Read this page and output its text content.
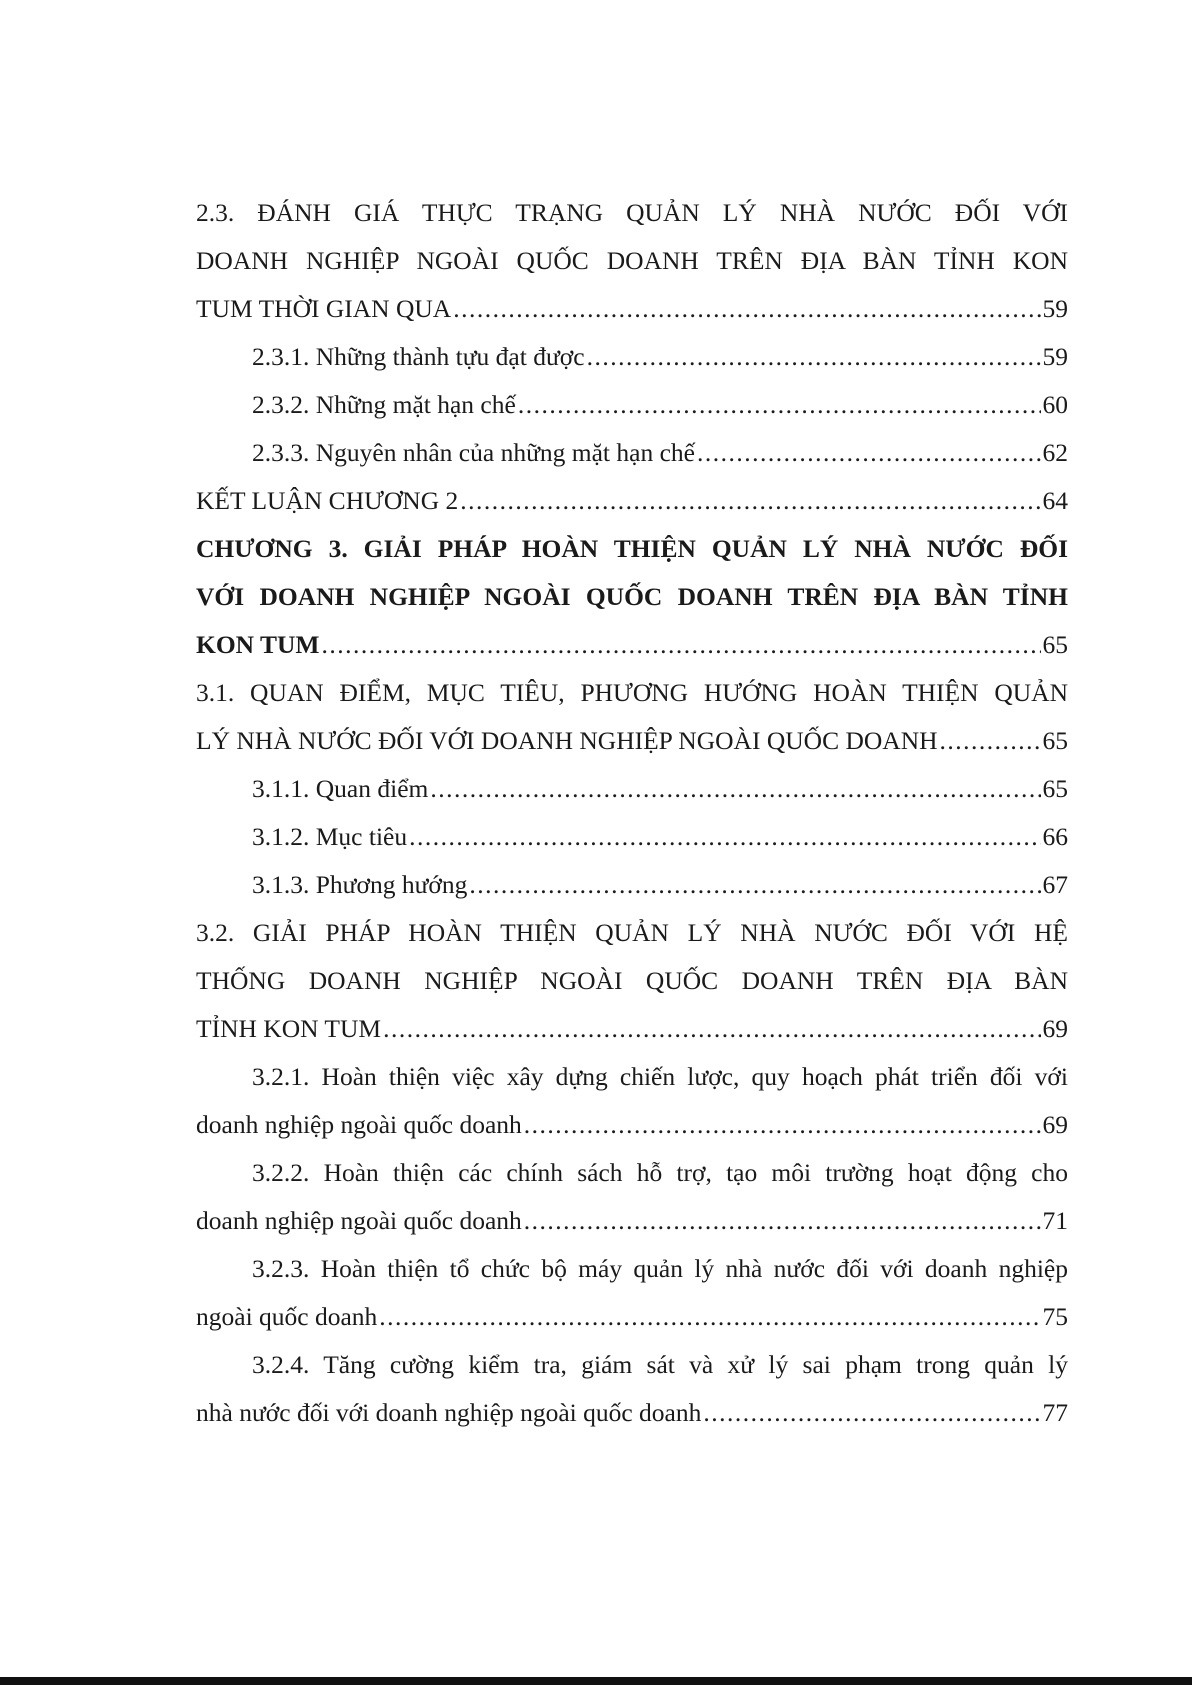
2.3. ĐÁNH GIÁ THỰC TRẠNG QUẢN LÝ NHÀ NƯỚC ĐỐI VỚI
DOANH NGHIỆP NGOÀI QUỐC DOANH TRÊN ĐỊA BÀN TỈNH KON
TUM THỜI GIAN QUA .....	59
2.3.1. Những thành tựu đạt được .....	59
2.3.2. Những mặt hạn chế .....	60
2.3.3. Nguyên nhân của những mặt hạn chế .....	62
KẾT LUẬN CHƯƠNG 2 .....	64
CHƯƠNG 3. GIẢI PHÁP HOÀN THIỆN QUẢN LÝ NHÀ NƯỚC ĐỐI
VỚI DOANH NGHIỆP NGOÀI QUỐC DOANH TRÊN ĐỊA BÀN TỈNH
KON TUM .....	65
3.1. QUAN ĐIỂM, MỤC TIÊU, PHƯƠNG HƯỚNG HOÀN THIỆN QUẢN
LÝ NHÀ NƯỚC ĐỐI VỚI DOANH NGHIỆP NGOÀI QUỐC DOANH .....	65
3.1.1. Quan điểm .....	65
3.1.2. Mục tiêu .....	66
3.1.3. Phương hướng .....	67
3.2. GIẢI PHÁP HOÀN THIỆN QUẢN LÝ NHÀ NƯỚC ĐỐI VỚI HỆ
THỐNG DOANH NGHIỆP NGOÀI QUỐC DOANH TRÊN ĐỊA BÀN
TỈNH KON TUM .....	69
3.2.1. Hoàn thiện việc xây dựng chiến lược, quy hoạch phát triển đối với
doanh nghiệp ngoài quốc doanh .....	69
3.2.2. Hoàn thiện các chính sách hỗ trợ, tạo môi trường hoạt động cho
doanh nghiệp ngoài quốc doanh .....	71
3.2.3. Hoàn thiện tổ chức bộ máy quản lý nhà nước đối với doanh nghiệp
ngoài quốc doanh .....	75
3.2.4. Tăng cường kiểm tra, giám sát và xử lý sai phạm trong quản lý
nhà nước đối với doanh nghiệp ngoài quốc doanh .....	77
